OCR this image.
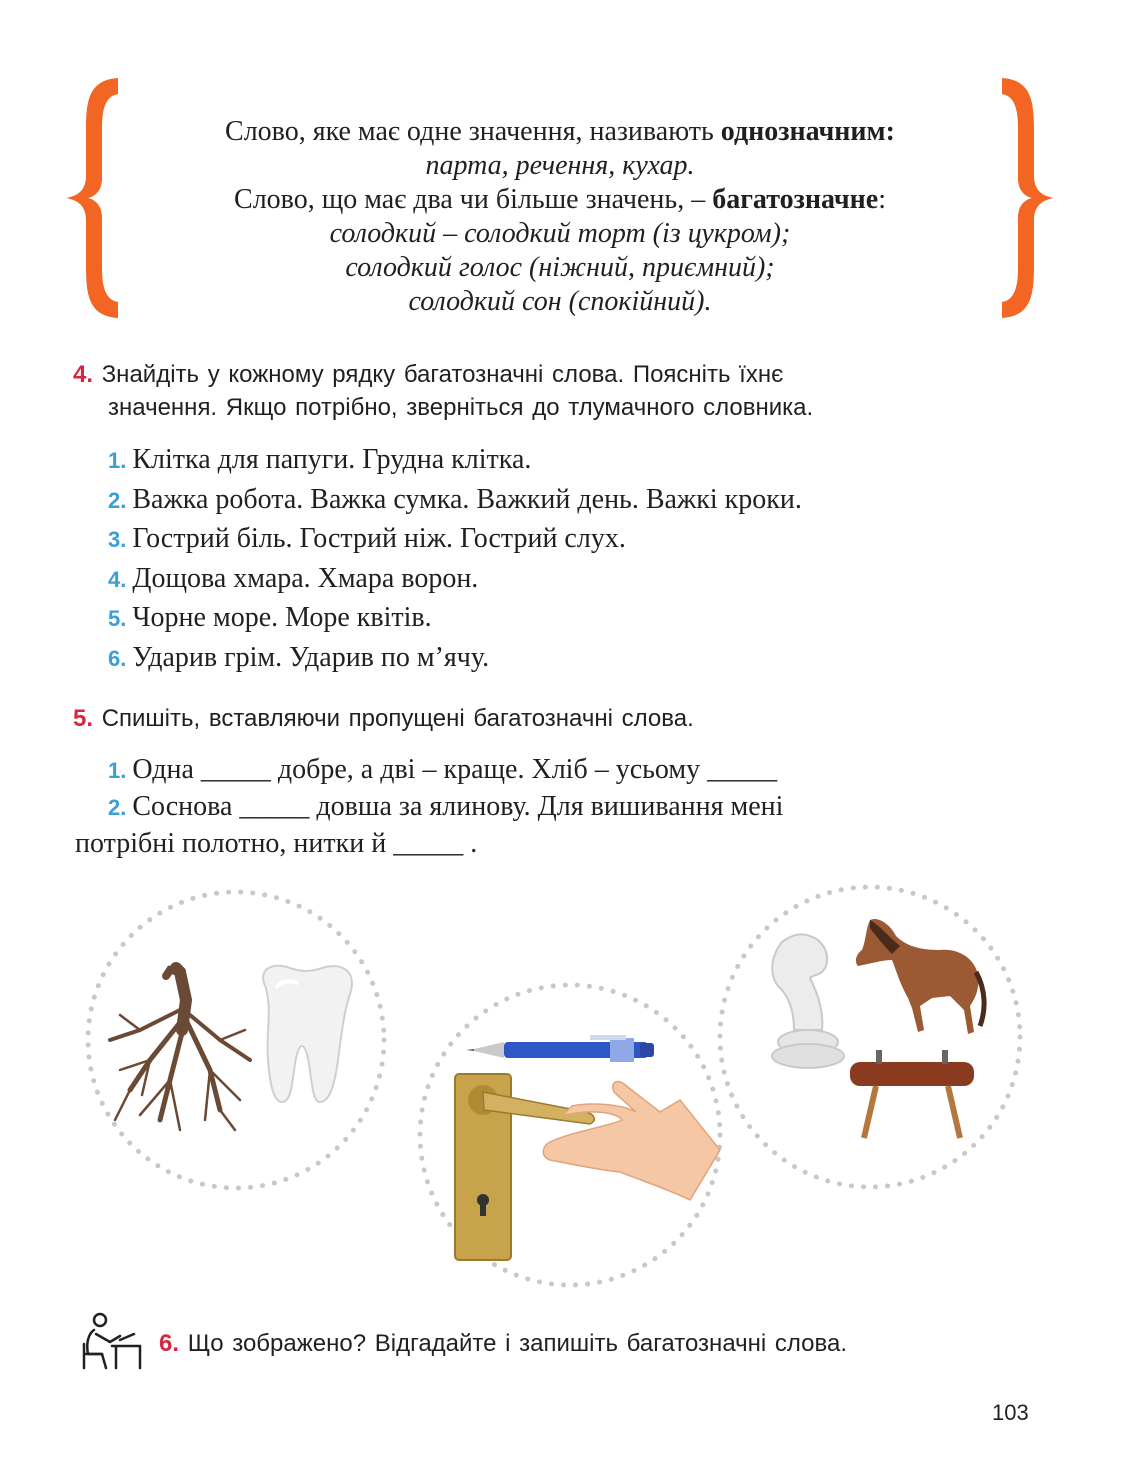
Слово, яке має одне значення, називають однозначним:
парта, речення, кухар.
Слово, що має два чи більше значень, – багатозначне:
солодкий – солодкий торт (із цукром);
солодкий голос (ніжний, приємний);
солодкий сон (спокійний).
4. Знайдіть у кожному рядку багатозначні слова. Поясніть їхнє
значення. Якщо потрібно, зверніться до тлумачного словника.
1. Клітка для папуги. Грудна клітка.
2. Важка робота. Важка сумка. Важкий день. Важкі кроки.
3. Гострий біль. Гострий ніж. Гострий слух.
4. Дощова хмара. Хмара ворон.
5. Чорне море. Море квітів.
6. Ударив грім. Ударив по м’ячу.
5. Спишіть, вставляючи пропущені багатозначні слова.
1. Одна _____ добре, а дві – краще. Хліб – усьому _____
2. Соснова _____ довша за ялинову. Для вишивання мені
потрібні полотно, нитки й _____ .
6. Що зображено? Відгадайте і запишіть багатозначні слова.
103
